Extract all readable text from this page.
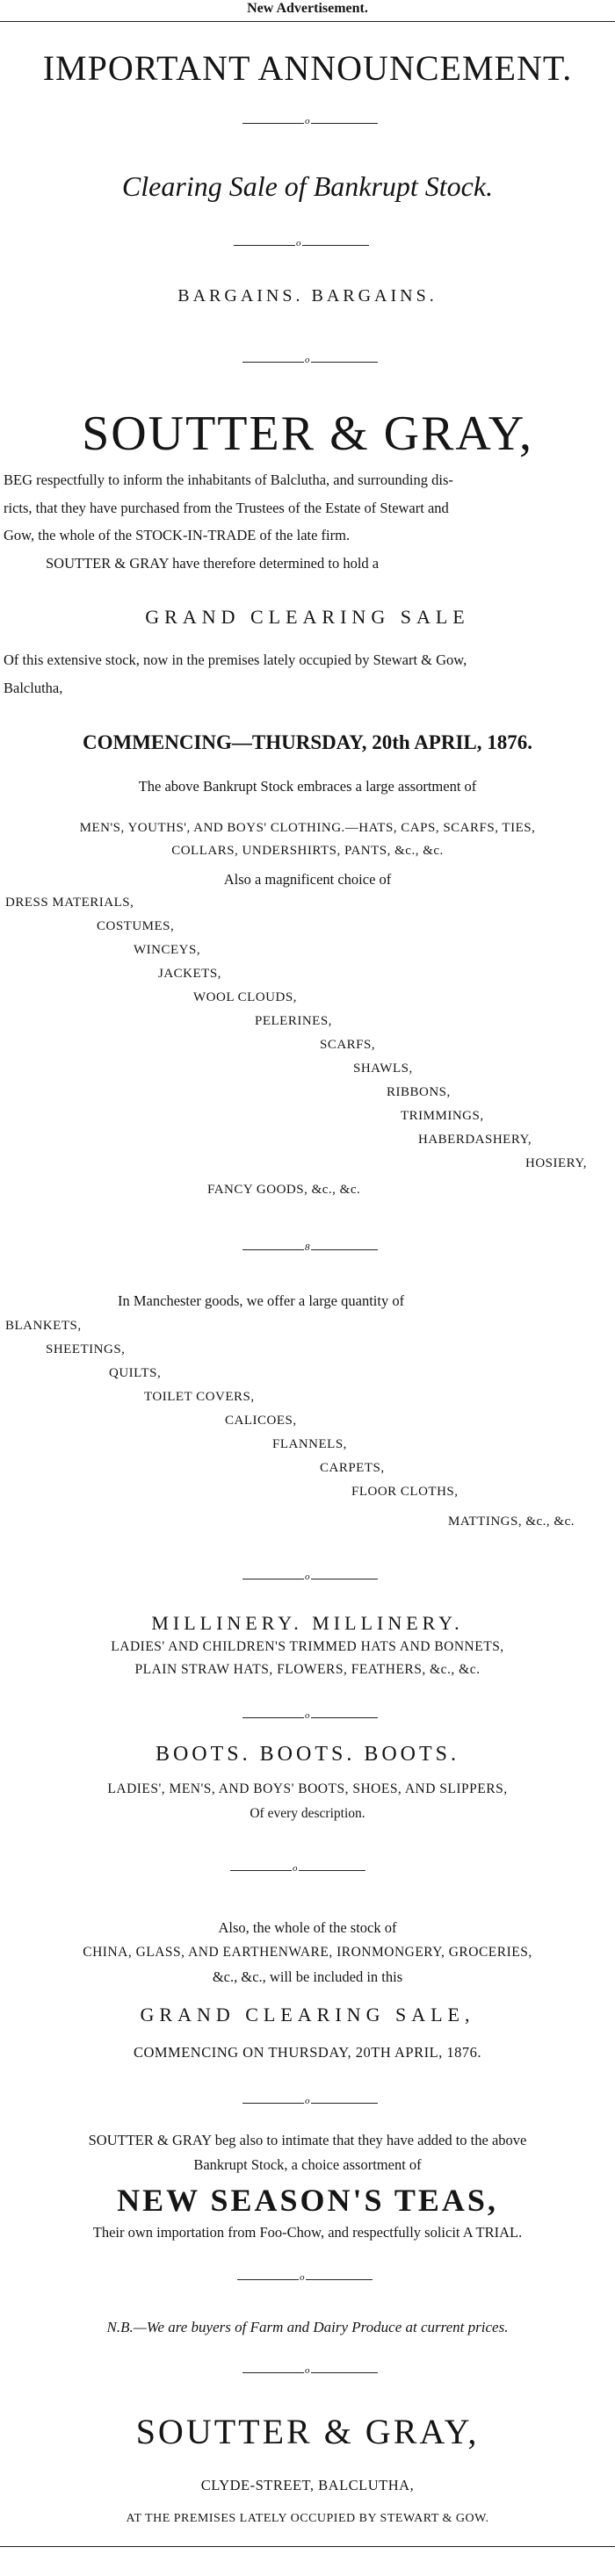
New Advertisement.
IMPORTANT ANNOUNCEMENT.
o
Clearing Sale of Bankrupt Stock.
o
BARGAINS. BARGAINS.
o
SOUTTER & GRAY,
BEG respectfully to inform the inhabitants of Balclutha, and surrounding dis-
ricts, that they have purchased from the Trustees of the Estate of Stewart and
Gow, the whole of the STOCK-IN-TRADE of the late firm.
SOUTTER & GRAY have therefore determined to hold a
GRAND CLEARING SALE
Of this extensive stock, now in the premises lately occupied by Stewart & Gow,
Balclutha,
COMMENCING—THURSDAY, 20th APRIL, 1876.
The above Bankrupt Stock embraces a large assortment of
MEN'S, YOUTHS', AND BOYS' CLOTHING.—HATS, CAPS, SCARFS, TIES,
COLLARS, UNDERSHIRTS, PANTS, &c., &c.
Also a magnificent choice of
DRESS MATERIALS,
COSTUMES,
WINCEYS,
JACKETS,
WOOL CLOUDS,
PELERINES,
SCARFS,
SHAWLS,
RIBBONS,
TRIMMINGS,
HABERDASHERY,
HOSIERY,
FANCY GOODS, &c., &c.
8
In Manchester goods, we offer a large quantity of
BLANKETS,
SHEETINGS,
QUILTS,
TOILET COVERS,
CALICOES,
FLANNELS,
CARPETS,
FLOOR CLOTHS,
MATTINGS, &c., &c.
o
MILLINERY. MILLINERY.
LADIES' AND CHILDREN'S TRIMMED HATS AND BONNETS,
PLAIN STRAW HATS, FLOWERS, FEATHERS, &c., &c.
o
BOOTS. BOOTS. BOOTS.
LADIES', MEN'S, AND BOYS' BOOTS, SHOES, AND SLIPPERS,
Of every description.
o
Also, the whole of the stock of
CHINA, GLASS, AND EARTHENWARE, IRONMONGERY, GROCERIES,
&c., &c., will be included in this
GRAND CLEARING SALE,
COMMENCING ON THURSDAY, 20TH APRIL, 1876.
o
SOUTTER & GRAY beg also to intimate that they have added to the above
Bankrupt Stock, a choice assortment of
NEW SEASON'S TEAS,
Their own importation from Foo-Chow, and respectfully solicit A TRIAL.
o
N.B.—We are buyers of Farm and Dairy Produce at current prices.
o
SOUTTER & GRAY,
CLYDE-STREET, BALCLUTHA,
AT THE PREMISES LATELY OCCUPIED BY STEWART & GOW.
